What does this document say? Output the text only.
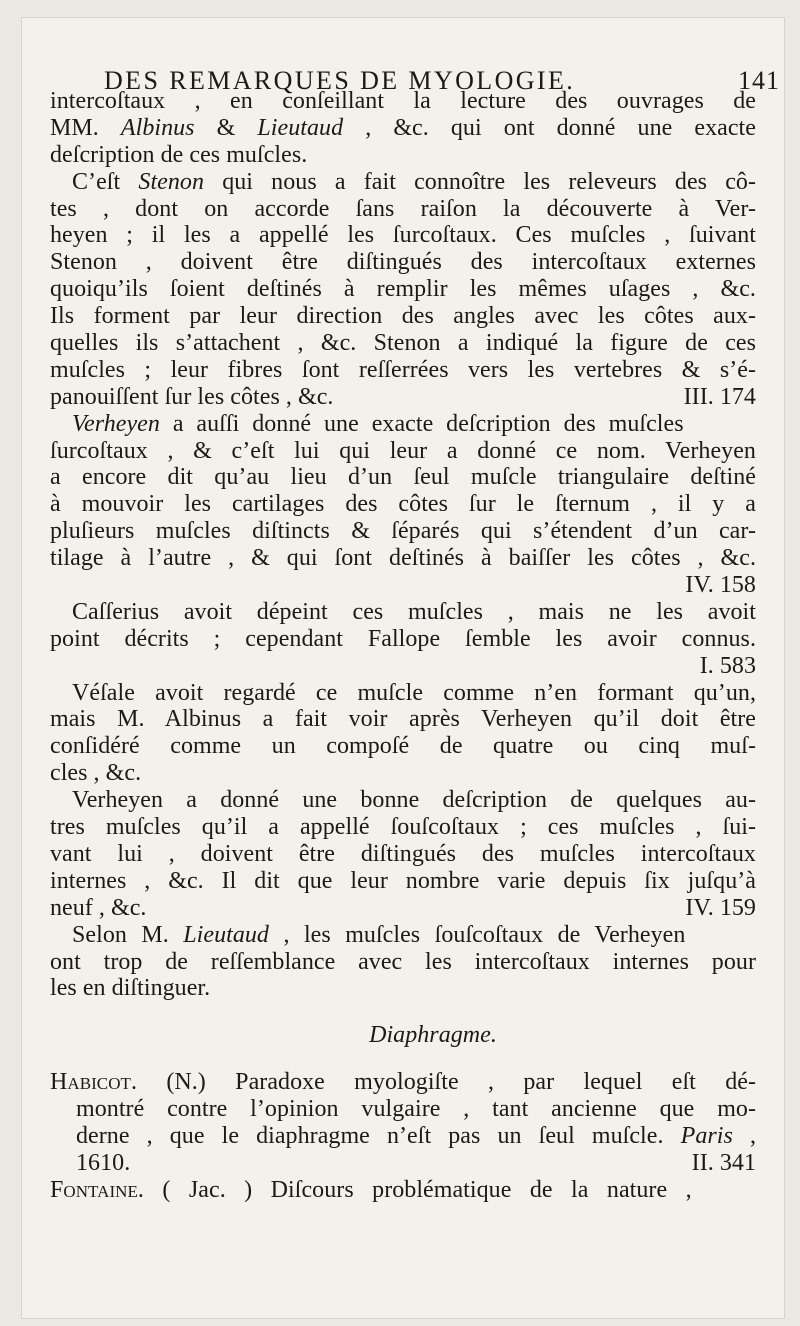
DES REMARQUES DE MYOLOGIE.	141
intercoſtaux , en conſeillant la lecture des ouvrages de
MM. Albinus & Lieutaud , &c. qui ont donné une exacte
deſcription de ces muſcles.
C’eſt Stenon qui nous a fait connoître les releveurs des cô-
tes , dont on accorde ſans raiſon la découverte à Ver-
heyen ; il les a appellé les ſurcoſtaux. Ces muſcles , ſuivant
Stenon , doivent être diſtingués des intercoſtaux externes
quoiqu’ils ſoient deſtinés à remplir les mêmes uſages , &c.
Ils forment par leur direction des angles avec les côtes aux-
quelles ils s’attachent , &c. Stenon a indiqué la figure de ces
muſcles ; leur fibres ſont reſſerrées vers les vertebres & s’é-
panouiſſent ſur les côtes , &c.	III. 174
Verheyen a auſſi donné une exacte deſcription des muſcles
ſurcoſtaux , & c’eſt lui qui leur a donné ce nom. Verheyen
a encore dit qu’au lieu d’un ſeul muſcle triangulaire deſtiné
à mouvoir les cartilages des côtes ſur le ſternum , il y a
pluſieurs muſcles diſtincts & ſéparés qui s’étendent d’un car-
tilage à l’autre , & qui ſont deſtinés à baiſſer les côtes , &c.
IV. 158
Caſſerius avoit dépeint ces muſcles , mais ne les avoit
point décrits ; cependant Fallope ſemble les avoir connus.
I. 583
Véſale avoit regardé ce muſcle comme n’en formant qu’un,
mais M. Albinus a fait voir après Verheyen qu’il doit être
conſidéré comme un compoſé de quatre ou cinq muſ-
cles , &c.
Verheyen a donné une bonne deſcription de quelques au-
tres muſcles qu’il a appellé ſouſcoſtaux ; ces muſcles , ſui-
vant lui , doivent être diſtingués des muſcles intercoſtaux
internes , &c. Il dit que leur nombre varie depuis ſix juſqu’à
neuf , &c.	IV. 159
Selon M. Lieutaud , les muſcles ſouſcoſtaux de Verheyen
ont trop de reſſemblance avec les intercoſtaux internes pour
les en diſtinguer.
Diaphragme.
Habicot. (N.) Paradoxe myologiſte , par lequel eſt dé-
montré contre l’opinion vulgaire , tant ancienne que mo-
derne , que le diaphragme n’eſt pas un ſeul muſcle. Paris ,
1610.	II. 341
Fontaine. ( Jac. ) Diſcours problématique de la nature ,
